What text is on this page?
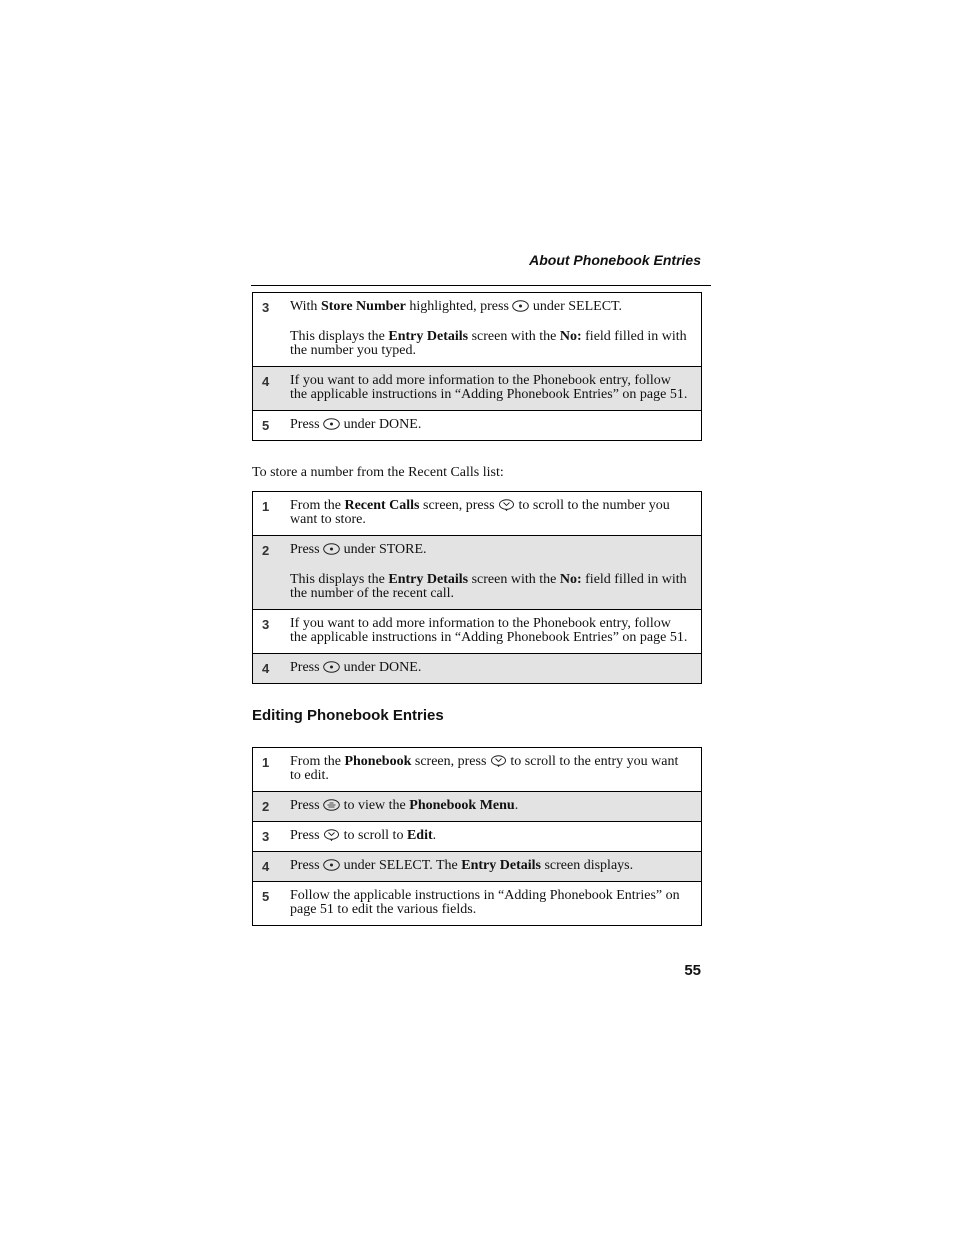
About Phonebook Entries
3	With Store Number highlighted, press
under SELECT.
This displays the Entry Details screen with the No: field filled in with the number you typed.

4	If you want to add more information to the Phonebook entry, follow the applicable instructions in “Adding Phonebook Entries” on page 51.

5	Press
under DONE.
To store a number from the Recent Calls list:
1	From the Recent Calls screen, press
to scroll to the number you want to store.

2	Press
under STORE.
This displays the Entry Details screen with the No: field filled in with the number of the recent call.

3	If you want to add more information to the Phonebook entry, follow the applicable instructions in “Adding Phonebook Entries” on page 51.

4	Press
under DONE.
Editing Phonebook Entries
1	From the Phonebook screen, press
to scroll to the entry you want to edit.

2	Press
to view the Phonebook Menu.

3	Press
to scroll to Edit.

4	Press
under SELECT. The Entry Details screen displays.

5	Follow the applicable instructions in “Adding Phonebook Entries” on page 51 to edit the various fields.
55
